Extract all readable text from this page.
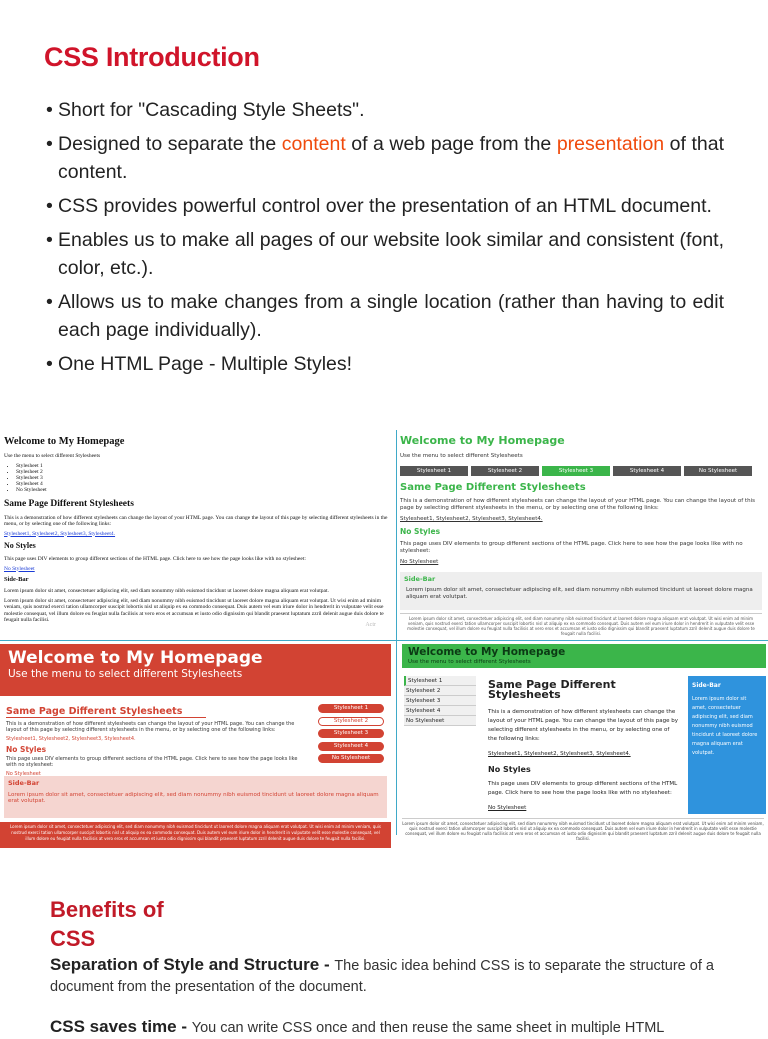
CSS Introduction
• Short for "Cascading Style Sheets".
• Designed to separate the content of a web page from the presentation of that content.
• CSS provides powerful control over the presentation of an HTML document.
• Enables us to make all pages of our website look similar and consistent (font, color, etc.).
• Allows us to make changes from a single location (rather than having to edit each page individually).
• One HTML Page - Multiple Styles!
Welcome to My Homepage
Use the menu to select different Stylesheets
• Stylesheet 1
• Stylesheet 2
• Stylesheet 3
• Stylesheet 4
• No Stylesheet
Same Page Different Stylesheets
This is a demonstration of how different stylesheets can change the layout of your HTML page. You can change the layout of this page by selecting different stylesheets in the menu, or by selecting one of the following links:
Stylesheet1, Stylesheet2, Stylesheet3, Stylesheet4.
No Styles
This page uses DIV elements to group different sections of the HTML page. Click here to see how the page looks like with no stylesheet:
No Stylesheet
Side-Bar
Lorem ipsum dolor sit amet, consectetuer adipiscing elit, sed diam nonummy nibh euismod tincidunt ut laoreet dolore magna aliquam erat volutpat.
Lorem ipsum dolor sit amet, consectetuer adipiscing elit, sed diam nonummy nibh euismod tincidunt ut laoreet dolore magna aliquam erat volutpat. Ut wisi enim ad minim veniam, quis nostrud exerci tation ullamcorper suscipit lobortis nisl ut aliquip ex ea commodo consequat. Duis autem vel eum iriure dolor in hendrerit in vulputate velit esse molestie consequat, vel illum dolore eu feugiat nulla facilisis at vero eros et accumsan et iusto odio dignissim qui blandit praesent luptatum zzril delenit augue duis dolore te feugait nulla facilisi.
Actr
Welcome to My Homepage
Use the menu to select different Stylesheets
Stylesheet 1	Stylesheet 2	Stylesheet 3	Stylesheet 4	No Stylesheet
Same Page Different Stylesheets
This is a demonstration of how different stylesheets can change the layout of your HTML page. You can change the layout of this page by selecting different stylesheets in the menu, or by selecting one of the following links:
Stylesheet1, Stylesheet2, Stylesheet3, Stylesheet4.
No Styles
This page uses DIV elements to group different sections of the HTML page. Click here to see how the page looks like with no stylesheet:
No Stylesheet
Side-Bar
Lorem ipsum dolor sit amet, consectetuer adipiscing elit, sed diam nonummy nibh euismod tincidunt ut laoreet dolore magna aliquam erat volutpat.
Lorem ipsum dolor sit amet, consectetuer adipiscing elit, sed diam nonummy nibh euismod tincidunt ut laoreet dolore magna aliquam erat volutpat. Ut wisi enim ad minim veniam, quis nostrud exerci tation ullamcorper suscipit lobortis nisl ut aliquip ex ea commodo consequat. Duis autem vel eum iriure dolor in hendrerit in vulputate velit esse molestie consequat, vel illum dolore eu feugiat nulla facilisis at vero eros et accumsan et iusto odio dignissim qui blandit praesent luptatum zzril delenit augue duis dolore te feugait nulla facilisi.
Welcome to My Homepage
Use the menu to select different Stylesheets
Same Page Different Stylesheets
This is a demonstration of how different stylesheets can change the layout of your HTML page. You can change the layout of this page by selecting different stylesheets in the menu, or by selecting one of the following links:
Stylesheet1, Stylesheet2, Stylesheet3, Stylesheet4.
No Styles
This page uses DIV elements to group different sections of the HTML page. Click here to see how the page looks like with no stylesheet:
No Stylesheet
Stylesheet 1
Stylesheet 2
Stylesheet 3
Stylesheet 4
No Stylesheet
Side-Bar
Lorem ipsum dolor sit amet, consectetuer adipiscing elit, sed diam nonummy nibh euismod tincidunt ut laoreet dolore magna aliquam erat volutpat.
Lorem ipsum dolor sit amet, consectetuer adipiscing elit, sed diam nonummy nibh euismod tincidunt ut laoreet dolore magna aliquam erat volutpat. Ut wisi enim ad minim veniam, quis nostrud exerci tation ullamcorper suscipit lobortis nisl ut aliquip ex ea commodo consequat. Duis autem vel eum iriure dolor in hendrerit in vulputate velit esse molestie consequat, vel illum dolore eu feugiat nulla facilisis at vero eros et accumsan et iusto odio dignissim qui blandit praesent luptatum zzril delenit augue duis dolore te feugait nulla facilisi.
Welcome to My Homepage
Use the menu to select different Stylesheets
Stylesheet 1
Stylesheet 2
Stylesheet 3
Stylesheet 4
No Stylesheet
Same Page Different Stylesheets
This is a demonstration of how different stylesheets can change the layout of your HTML page. You can change the layout of this page by selecting different stylesheets in the menu, or by selecting one of the following links:
Stylesheet1, Stylesheet2, Stylesheet3, Stylesheet4.
No Styles
This page uses DIV elements to group different sections of the HTML page. Click here to see how the page looks like with no stylesheet:
No Stylesheet
Side-Bar
Lorem ipsum dolor sit amet, consectetuer adipiscing elit, sed diam nonummy nibh euismod tincidunt ut laoreet dolore magna aliquam erat volutpat.
Lorem ipsum dolor sit amet, consectetuer adipiscing elit, sed diam nonummy nibh euismod tincidunt ut laoreet dolore magna aliquam erat volutpat. Ut wisi enim ad minim veniam, quis nostrud exerci tation ullamcorper suscipit lobortis nisl ut aliquip ex ea commodo consequat. Duis autem vel eum iriure dolor in hendrerit in vulputate velit esse molestie consequat, vel illum dolore eu feugiat nulla facilisis at vero eros et accumsan et iusto odio dignissim qui blandit praesent luptatum zzril delenit augue duis dolore te feugait nulla facilisi.
Benefits of CSS
Separation of Style and Structure - The basic idea behind CSS is to separate the structure of a document from the presentation of the document.
CSS saves time - You can write CSS once and then reuse the same sheet in multiple HTML
